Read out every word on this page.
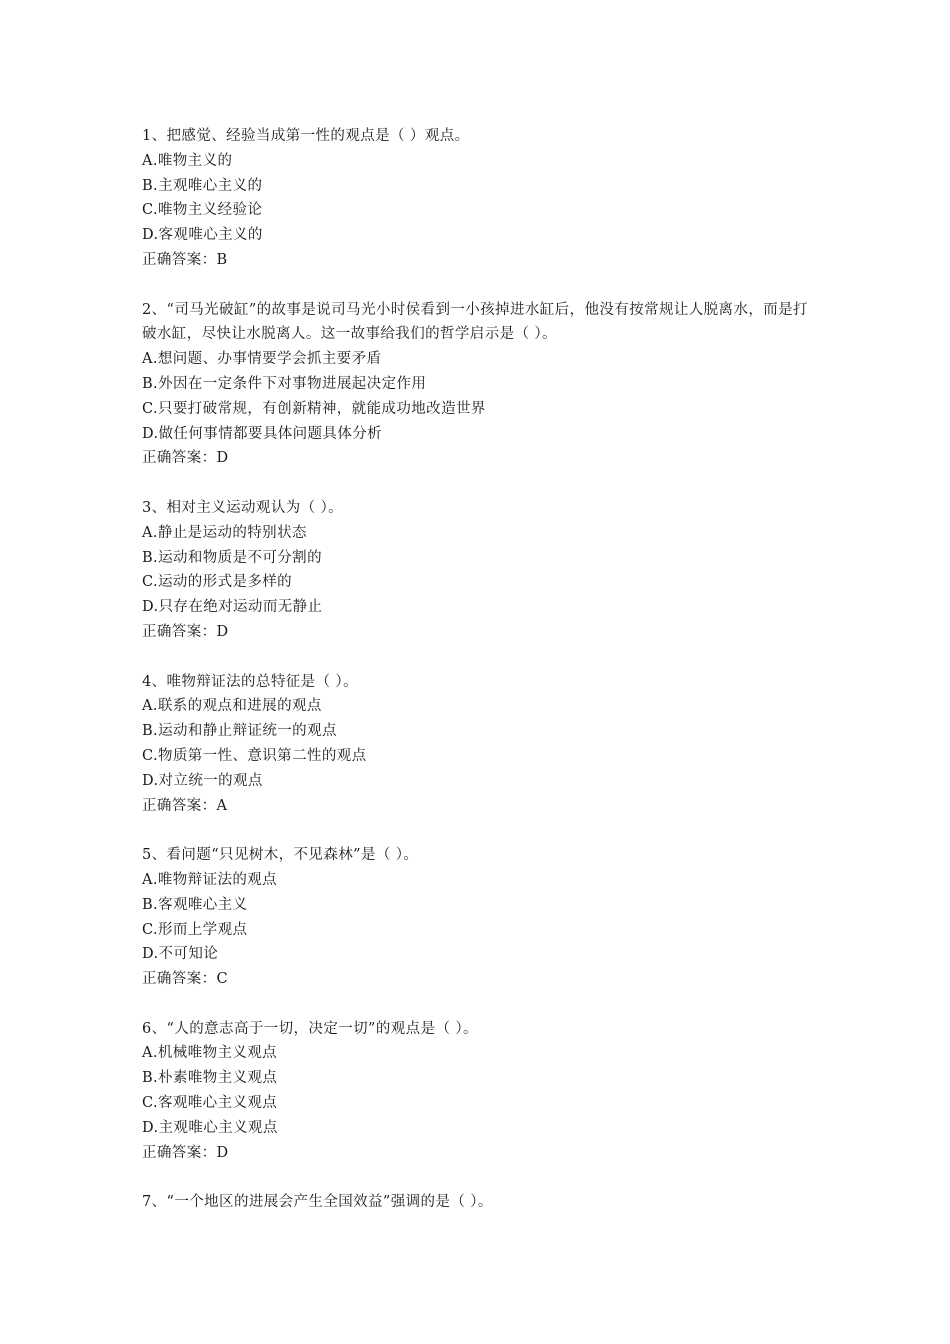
1、把感觉、经验当成第一性的观点是（ ）观点。
A.唯物主义的
B.主观唯心主义的
C.唯物主义经验论
D.客观唯心主义的
正确答案：B
2、“司马光破缸”的故事是说司马光小时侯看到一小孩掉进水缸后，他没有按常规让人脱离水，而是打破水缸，尽快让水脱离人。这一故事给我们的哲学启示是（ ）。
A.想问题、办事情要学会抓主要矛盾
B.外因在一定条件下对事物进展起决定作用
C.只要打破常规，有创新精神，就能成功地改造世界
D.做任何事情都要具体问题具体分析
正确答案：D
3、相对主义运动观认为（ ）。
A.静止是运动的特别状态
B.运动和物质是不可分割的
C.运动的形式是多样的
D.只存在绝对运动而无静止
正确答案：D
4、唯物辩证法的总特征是（ ）。
A.联系的观点和进展的观点
B.运动和静止辩证统一的观点
C.物质第一性、意识第二性的观点
D.对立统一的观点
正确答案：A
5、看问题“只见树木，不见森林”是（ ）。
A.唯物辩证法的观点
B.客观唯心主义
C.形而上学观点
D.不可知论
正确答案：C
6、“人的意志高于一切，决定一切”的观点是（ ）。
A.机械唯物主义观点
B.朴素唯物主义观点
C.客观唯心主义观点
D.主观唯心主义观点
正确答案：D
7、“一个地区的进展会产生全国效益”强调的是（ ）。
